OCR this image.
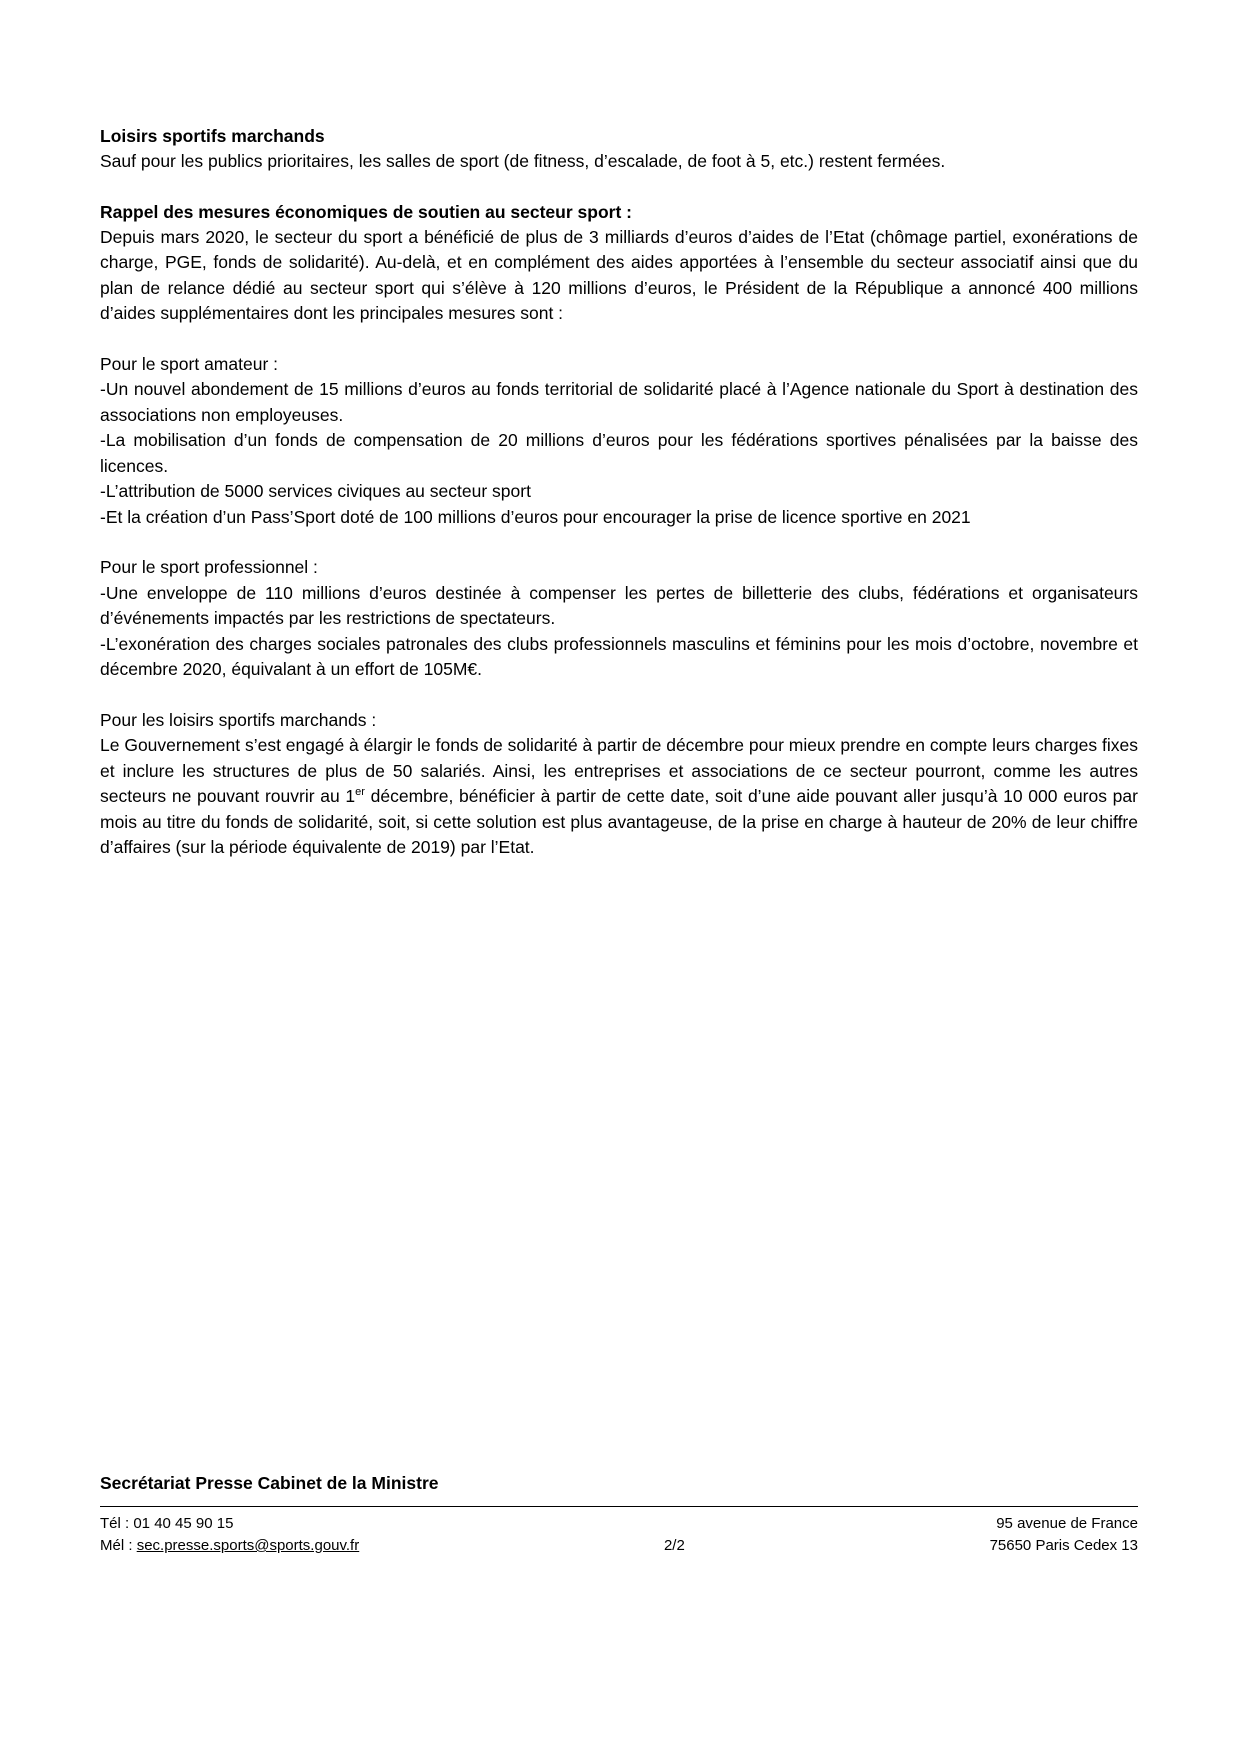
Loisirs sportifs marchands

Sauf pour les publics prioritaires, les salles de sport (de fitness, d’escalade, de foot à 5, etc.) restent fermées.

Rappel des mesures économiques de soutien au secteur sport :

Depuis mars 2020, le secteur du sport a bénéficié de plus de 3 milliards d’euros d’aides de l’Etat (chômage partiel, exonérations de charge, PGE, fonds de solidarité). Au-delà, et en complément des aides apportées à l’ensemble du secteur associatif ainsi que du plan de relance dédié au secteur sport qui s’élève à 120 millions d’euros, le Président de la République a annoncé 400 millions d’aides supplémentaires dont les principales mesures sont :

Pour le sport amateur :

-Un nouvel abondement de 15 millions d’euros au fonds territorial de solidarité placé à l’Agence nationale du Sport à destination des associations non employeuses.

-La mobilisation d’un fonds de compensation de 20 millions d’euros pour les fédérations sportives pénalisées par la baisse des licences.

-L’attribution de 5000 services civiques au secteur sport

-Et la création d’un Pass’Sport doté de 100 millions d’euros pour encourager la prise de licence sportive en 2021

Pour le sport professionnel :

-Une enveloppe de 110 millions d’euros destinée à compenser les pertes de billetterie des clubs, fédérations et organisateurs d’événements impactés par les restrictions de spectateurs.

-L’exonération des charges sociales patronales des clubs professionnels masculins et féminins pour les mois d’octobre, novembre et décembre 2020, équivalant à un effort de 105M€.

Pour les loisirs sportifs marchands :

Le Gouvernement s’est engagé à élargir le fonds de solidarité à partir de décembre pour mieux prendre en compte leurs charges fixes et inclure les structures de plus de 50 salariés. Ainsi, les entreprises et associations de ce secteur pourront, comme les autres secteurs ne pouvant rouvrir au 1er décembre, bénéficier à partir de cette date, soit d’une aide pouvant aller jusqu’à 10 000 euros par mois au titre du fonds de solidarité, soit, si cette solution est plus avantageuse, de la prise en charge à hauteur de 20% de leur chiffre d’affaires (sur la période équivalente de 2019) par l’Etat.

Secrétariat Presse Cabinet de la Ministre
Tél : 01 40 45 90 15
Mél : sec.presse.sports@sports.gouv.fr	2/2
95 avenue de France
75650 Paris Cedex 13
